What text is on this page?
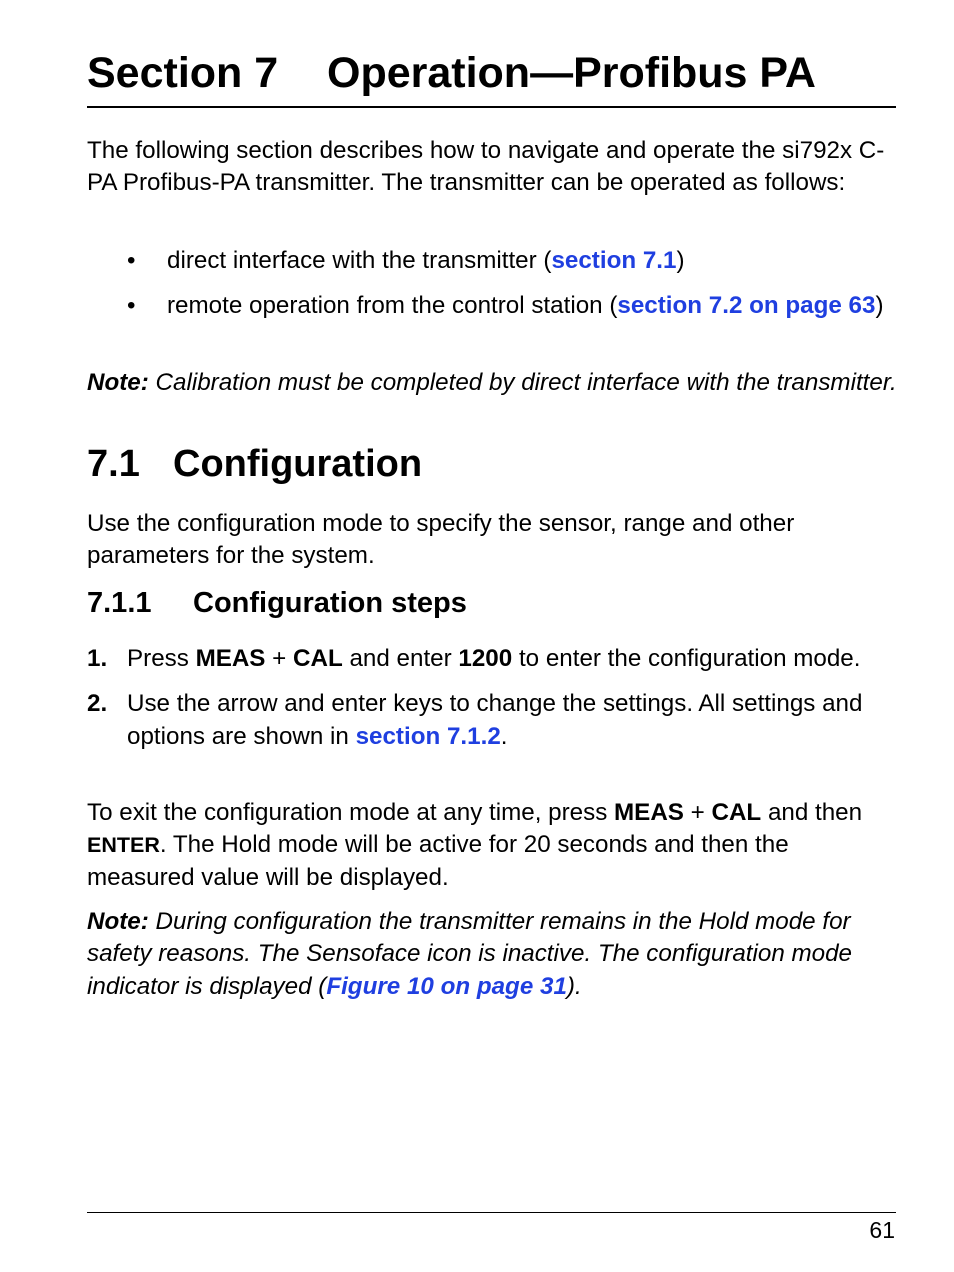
Section 7 Operation—Profibus PA

The following section describes how to navigate and operate the si792x C-PA Profibus-PA transmitter. The transmitter can be operated as follows:

• direct interface with the transmitter (section 7.1)
• remote operation from the control station (section 7.2 on page 63)

Note: Calibration must be completed by direct interface with the transmitter.

7.1 Configuration

Use the configuration mode to specify the sensor, range and other parameters for the system.

7.1.1 Configuration steps
1. Press MEAS + CAL and enter 1200 to enter the configuration mode.
2. Use the arrow and enter keys to change the settings. All settings and options are shown in section 7.1.2.

To exit the configuration mode at any time, press MEAS + CAL and then ENTER. The Hold mode will be active for 20 seconds and then the measured value will be displayed.

Note: During configuration the transmitter remains in the Hold mode for safety reasons. The Sensoface icon is inactive. The configuration mode indicator is displayed (Figure 10 on page 31).

61
